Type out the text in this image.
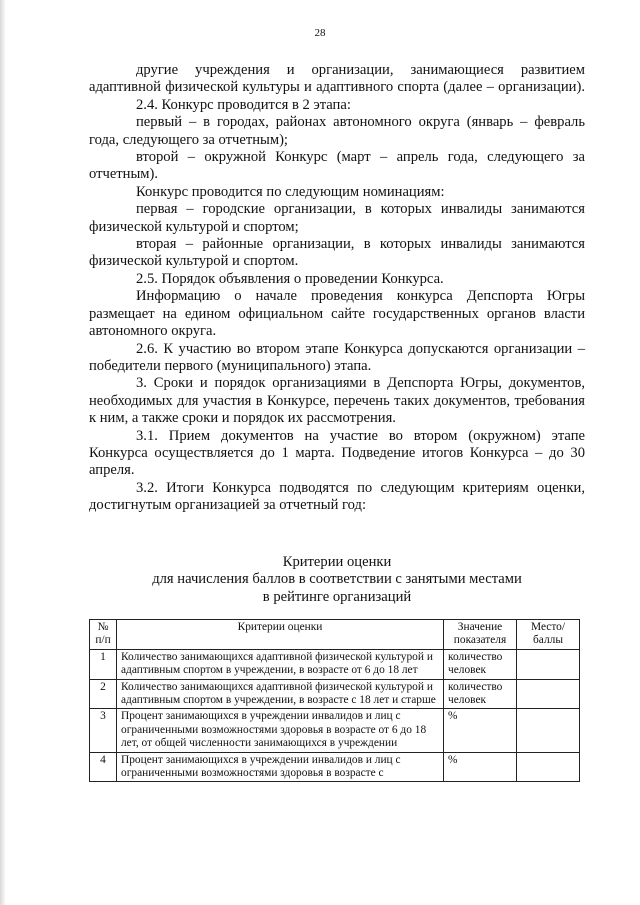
28

другие учреждения и организации, занимающиеся развитием адаптивной физической культуры и адаптивного спорта (далее – организации).

2.4. Конкурс проводится в 2 этапа:

первый – в городах, районах автономного округа (январь – февраль года, следующего за отчетным);

второй – окружной Конкурс (март – апрель года, следующего за отчетным).

Конкурс проводится по следующим номинациям:

первая – городские организации, в которых инвалиды занимаются физической культурой и спортом;

вторая – районные организации, в которых инвалиды занимаются физической культурой и спортом.

2.5. Порядок объявления о проведении Конкурса.

Информацию о начале проведения конкурса Депспорта Югры размещает на едином официальном сайте государственных органов власти автономного округа.

2.6. К участию во втором этапе Конкурса допускаются организации – победители первого (муниципального) этапа.

3. Сроки и порядок организациями в Депспорта Югры, документов, необходимых для участия в Конкурсе, перечень таких документов, требования к ним, а также сроки и порядок их рассмотрения.

3.1. Прием документов на участие во втором (окружном) этапе Конкурса осуществляется до 1 марта. Подведение итогов Конкурса – до 30 апреля.

3.2. Итоги Конкурса подводятся по следующим критериям оценки, достигнутым организацией за отчетный год:

Критерии оценки
для начисления баллов в соответствии с занятыми местами
в рейтинге организаций
№ п/п	Критерии оценки	Значение показателя	Место/ баллы
1	Количество занимающихся адаптивной физической культурой и адаптивным спортом в учреждении, в возрасте от 6 до 18 лет	количество человек	
2	Количество занимающихся адаптивной физической культурой и адаптивным спортом в учреждении, в возрасте с 18 лет и старше	количество человек	
3	Процент занимающихся в учреждении инвалидов и лиц с ограниченными возможностями здоровья в возрасте от 6 до 18 лет, от общей численности занимающихся в учреждении	%	
4	Процент занимающихся в учреждении инвалидов и лиц с ограниченными возможностями здоровья в возрасте с	%	
